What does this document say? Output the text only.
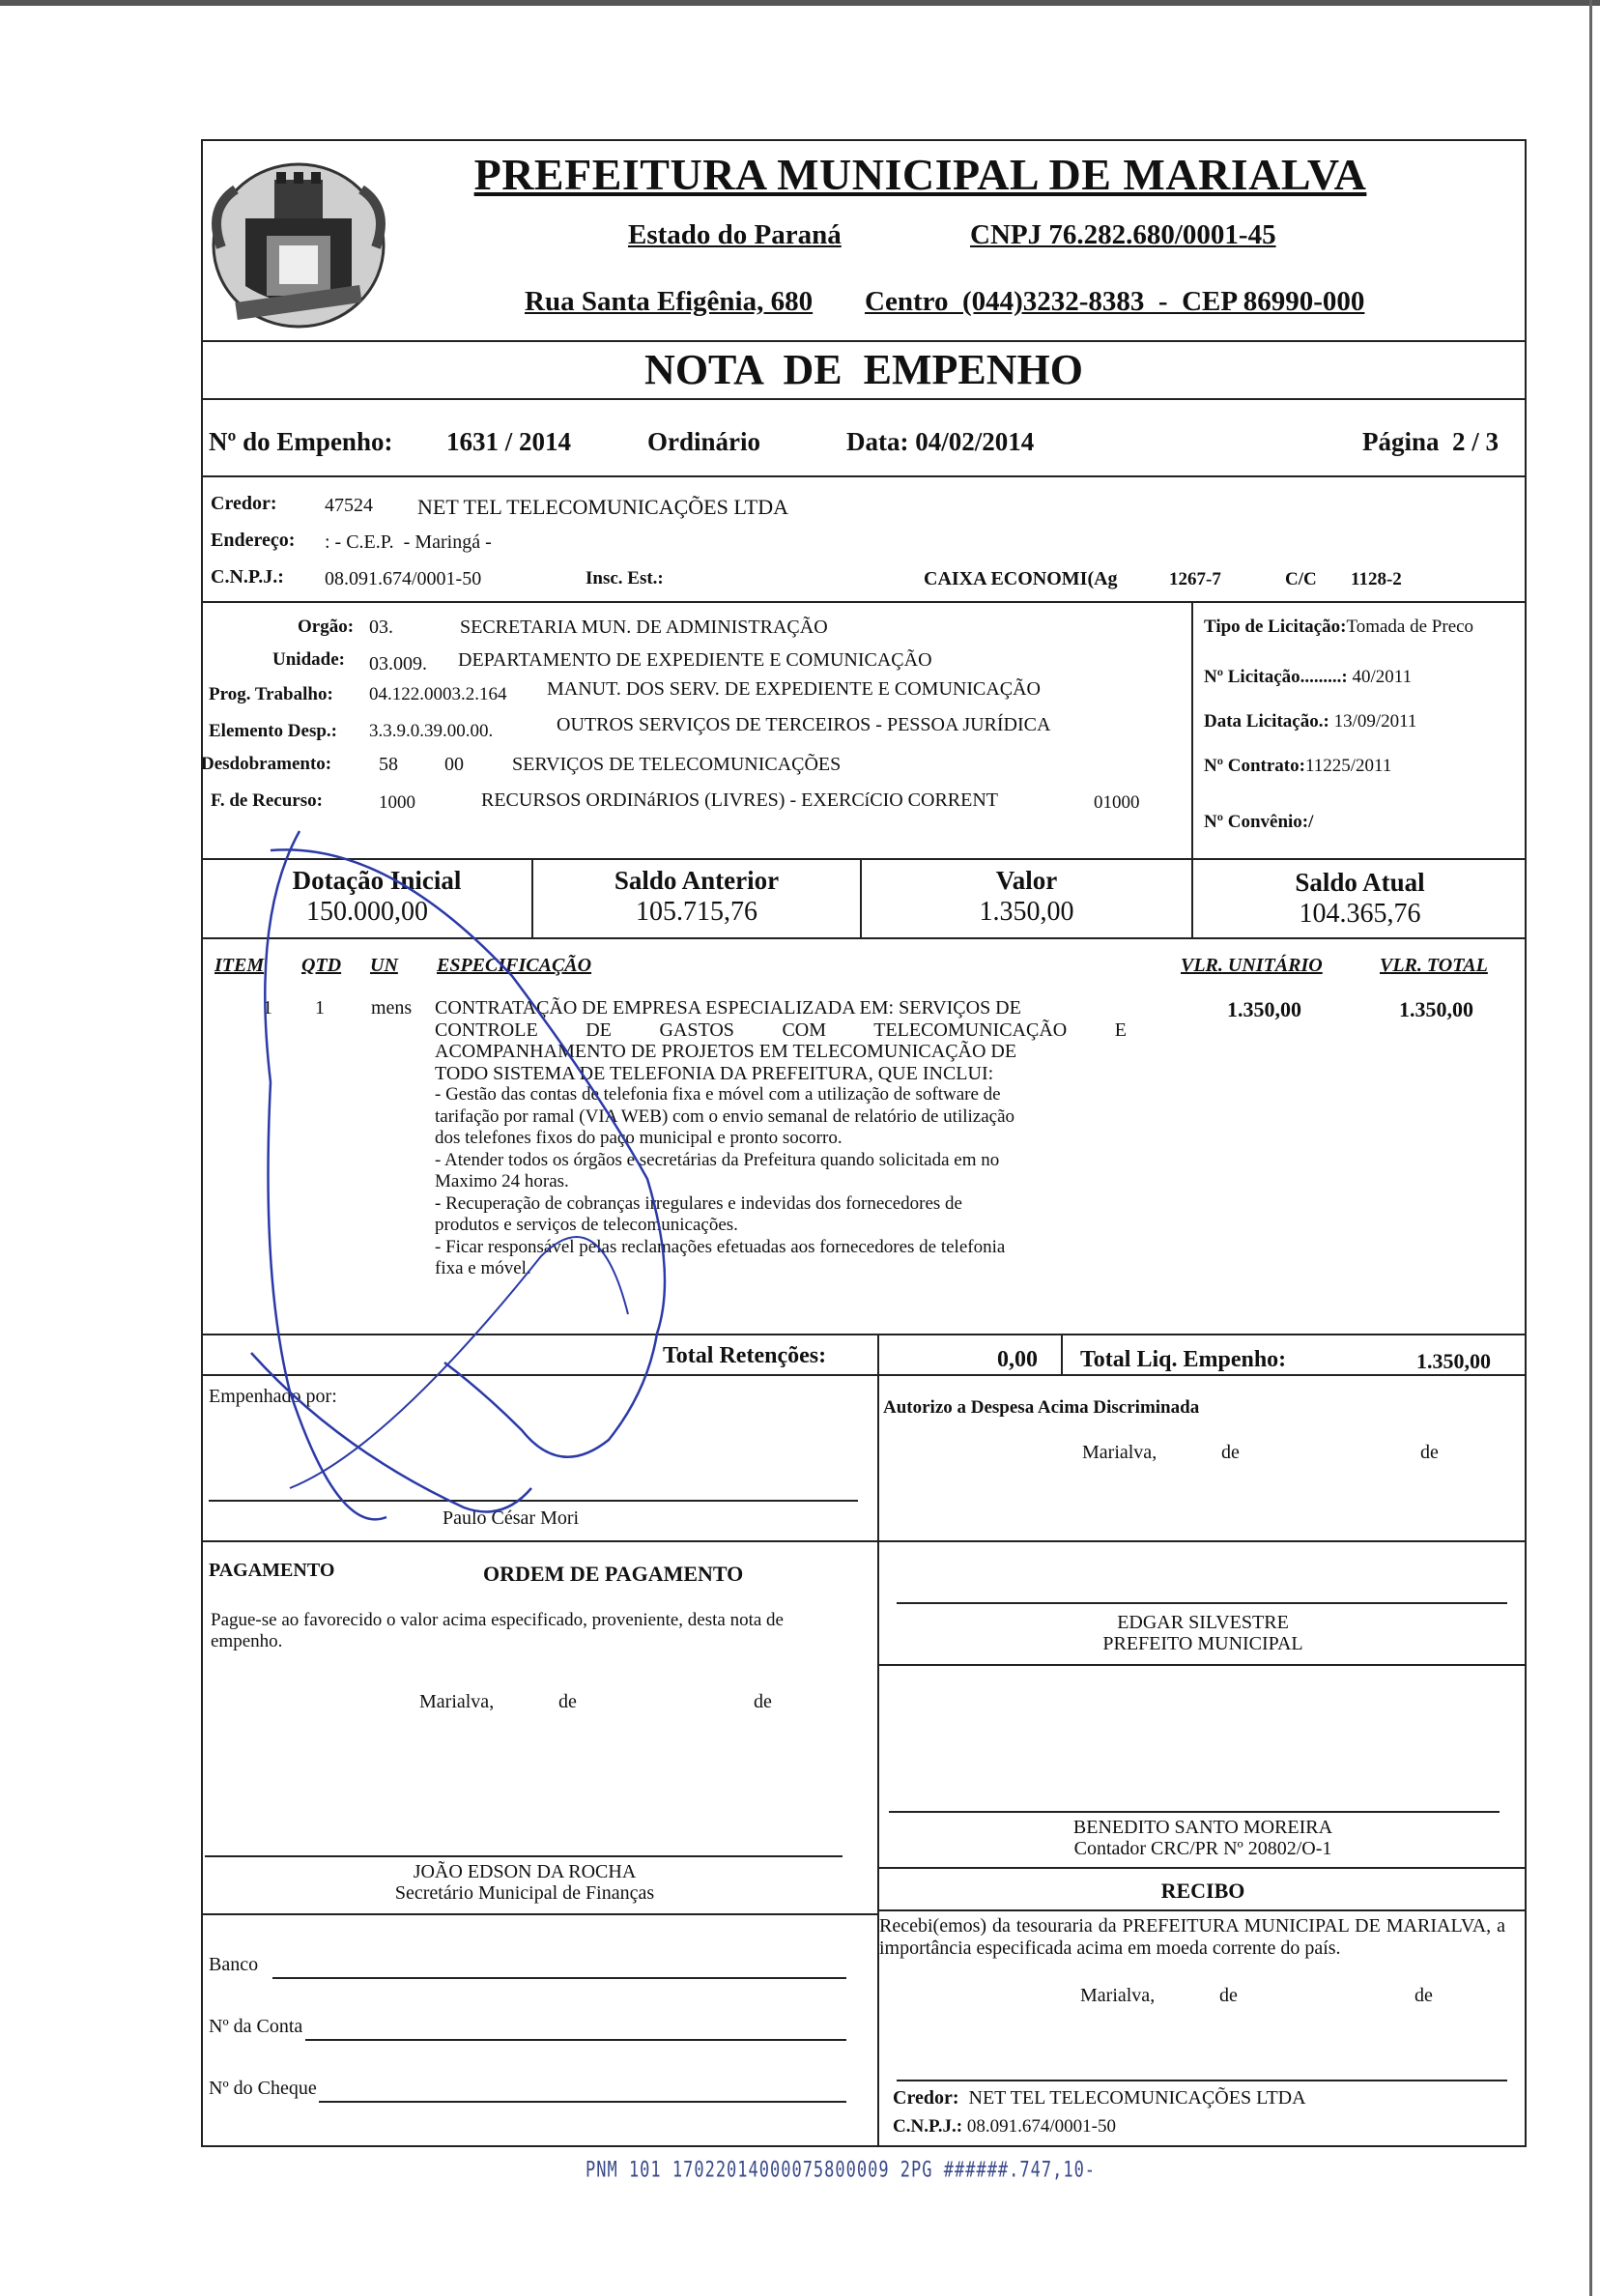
PREFEITURA MUNICIPAL DE MARIALVA
Estado do Paraná	CNPJ 76.282.680/0001-45
Rua Santa Efigênia, 680 Centro  (044)3232-8383  -  CEP 86990-000
NOTA  DE  EMPENHO
Nº do Empenho: 1631 / 2014	Ordinário	Data: 04/02/2014	Página  2 / 3
Credor: 47524 NET TEL TELECOMUNICAÇÕES LTDA
Endereço: : - C.E.P.  - Maringá -
C.N.P.J.: 08.091.674/0001-50	Insc. Est.:	CAIXA ECONOMI(Ag	1267-7	C/C 1128-2
Orgão: 03.	SECRETARIA MUN. DE ADMINISTRAÇÃO
Unidade: 03.009. DEPARTAMENTO DE EXPEDIENTE E COMUNICAÇÃO
Prog. Trabalho: 04.122.0003.2.164 MANUT. DOS SERV. DE EXPEDIENTE E COMUNICAÇÃO
Elemento Desp.: 3.3.9.0.39.00.00.	OUTROS SERVIÇOS DE TERCEIROS - PESSOA JURÍDICA
Desdobramento: 58 00	SERVIÇOS DE TELECOMUNICAÇÕES
F. de Recurso:	1000	RECURSOS ORDINáRIOS (LIVRES) - EXERCíCIO CORRENT	01000
Tipo de Licitação:Tomada de Preco
Nº Licitação.........: 40/2011
Data Licitação.: 13/09/2011
Nº Contrato:11225/2011
Nº Convênio:/
Dotação Inicial
150.000,00
Saldo Anterior
105.715,76
Valor
1.350,00
Saldo Atual
104.365,76
ITEM QTD UN ESPECIFICAÇÃO	VLR. UNITÁRIO	VLR. TOTAL
1 1 mens	1.350,00	1.350,00
CONTRATAÇÃO DE EMPRESA ESPECIALIZADA EM: SERVIÇOS DE
CONTROLE DE GASTOS COM TELECOMUNICAÇÃO E
ACOMPANHAMENTO DE PROJETOS EM TELECOMUNICAÇÃO DE
TODO SISTEMA DE TELEFONIA DA PREFEITURA, QUE INCLUI:
- Gestão das contas de telefonia fixa e móvel com a utilização de software de
tarifação por ramal (VIA WEB) com o envio semanal de relatório de utilização
dos telefones fixos do paço municipal e pronto socorro.
- Atender todos os órgãos e secretárias da Prefeitura quando solicitada em no
Maximo 24 horas.
- Recuperação de cobranças irregulares e indevidas dos fornecedores de
produtos e serviços de telecomunicações.
- Ficar responsável pelas reclamações efetuadas aos fornecedores de telefonia
fixa e móvel.
Total Retenções:	0,00 Total Liq. Empenho:	1.350,00
Empenhado por:
Paulo César Mori
Autorizo a Despesa Acima Discriminada
Marialva,	de	de
PAGAMENTO	ORDEM DE PAGAMENTO
Pague-se ao favorecido o valor acima especificado, proveniente, desta nota de empenho.
Marialva,	de	de
EDGAR SILVESTRE
PREFEITO MUNICIPAL
BENEDITO SANTO MOREIRA
Contador CRC/PR Nº 20802/O-1
JOÃO EDSON DA ROCHA
Secretário Municipal de Finanças
Banco
Nº da Conta
Nº do Cheque
RECIBO
Recebi(emos) da tesouraria da PREFEITURA MUNICIPAL DE MARIALVA, a importância especificada acima em moeda corrente do país.
Marialva,	de	de
Credor: NET TEL TELECOMUNICAÇÕES LTDA
C.N.P.J.: 08.091.674/0001-50
PNM 101 17022014000075800009 2PG ######.747,10-
